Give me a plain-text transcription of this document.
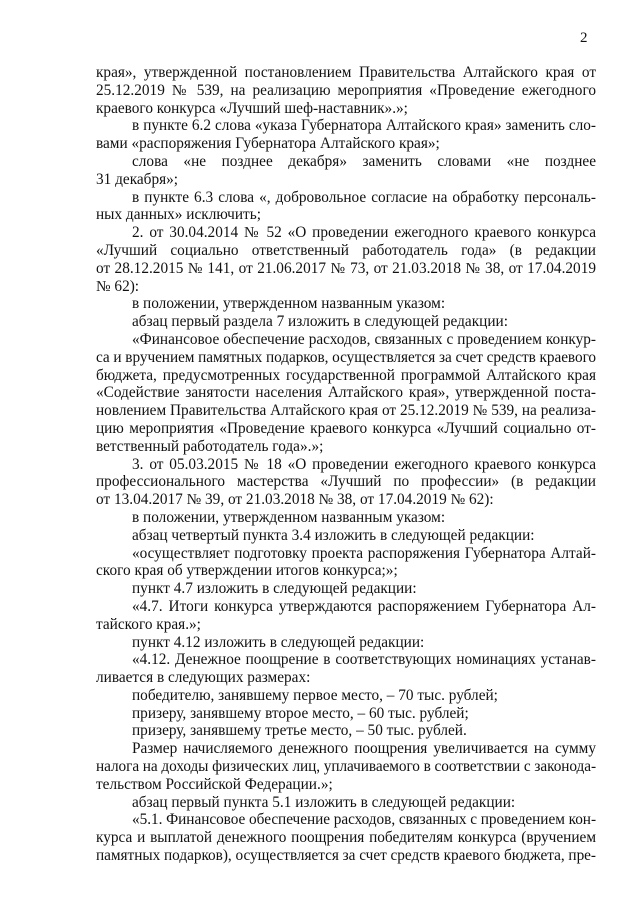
2
края», утвержденной постановлением Правительства Алтайского края от
25.12.2019 № 539, на реализацию мероприятия «Проведение ежегодного
краевого конкурса «Лучший шеф-наставник».»;
в пункте 6.2 слова «указа Губернатора Алтайского края» заменить сло-
вами «распоряжения Губернатора Алтайского края»;
слова «не позднее декабря» заменить словами «не позднее
31 декабря»;
в пункте 6.3 слова «, добровольное согласие на обработку персональ-
ных данных» исключить;
2. от 30.04.2014 № 52 «О проведении ежегодного краевого конкурса
«Лучший социально ответственный работодатель года» (в редакции
от 28.12.2015 № 141, от 21.06.2017 № 73, от 21.03.2018 № 38, от 17.04.2019
№ 62):
в положении, утвержденном названным указом:
абзац первый раздела 7 изложить в следующей редакции:
«Финансовое обеспечение расходов, связанных с проведением конкур-
са и вручением памятных подарков, осуществляется за счет средств краевого
бюджета, предусмотренных государственной программой Алтайского края
«Содействие занятости населения Алтайского края», утвержденной поста-
новлением Правительства Алтайского края от 25.12.2019 № 539, на реализа-
цию мероприятия «Проведение краевого конкурса «Лучший социально от-
ветственный работодатель года».»;
3. от 05.03.2015 № 18 «О проведении ежегодного краевого конкурса
профессионального мастерства «Лучший по профессии» (в редакции
от 13.04.2017 № 39, от 21.03.2018 № 38, от 17.04.2019 № 62):
в положении, утвержденном названным указом:
абзац четвертый пункта 3.4 изложить в следующей редакции:
«осуществляет подготовку проекта распоряжения Губернатора Алтай-
ского края об утверждении итогов конкурса;»;
пункт 4.7 изложить в следующей редакции:
«4.7. Итоги конкурса утверждаются распоряжением Губернатора Ал-
тайского края.»;
пункт 4.12 изложить в следующей редакции:
«4.12. Денежное поощрение в соответствующих номинациях устанав-
ливается в следующих размерах:
победителю, занявшему первое место, – 70 тыс. рублей;
призеру, занявшему второе место, – 60 тыс. рублей;
призеру, занявшему третье место, – 50 тыс. рублей.
Размер начисляемого денежного поощрения увеличивается на сумму
налога на доходы физических лиц, уплачиваемого в соответствии с законода-
тельством Российской Федерации.»;
абзац первый пункта 5.1 изложить в следующей редакции:
«5.1. Финансовое обеспечение расходов, связанных с проведением кон-
курса и выплатой денежного поощрения победителям конкурса (вручением
памятных подарков), осуществляется за счет средств краевого бюджета, пре-
